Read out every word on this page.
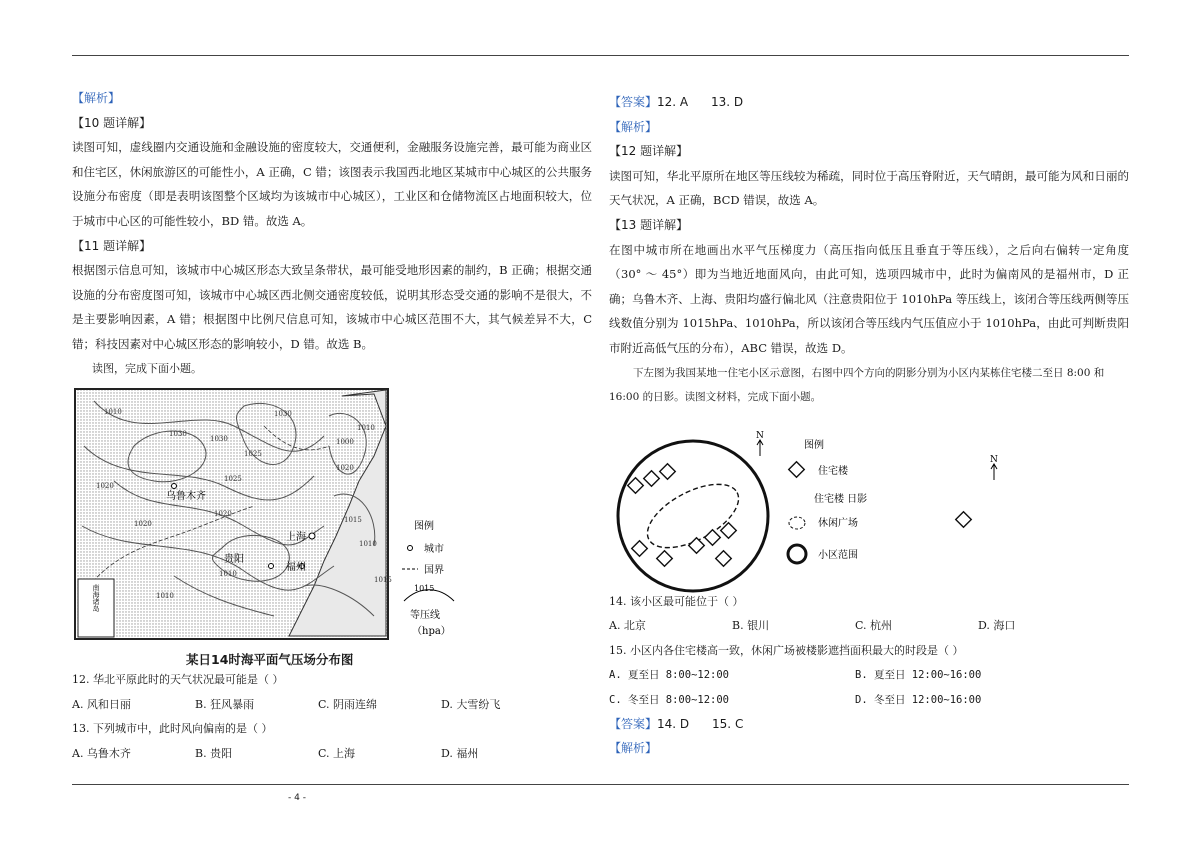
【解析】
【10 题详解】

读图可知，虚线圈内交通设施和金融设施的密度较大，交通便利，金融服务设施完善，最可能为商业区和住宅区，休闲旅游区的可能性小，A 正确，C 错；该图表示我国西北地区某城市中心城区的公共服务设施分布密度（即是表明该图整个区域均为该城市中心城区），工业区和仓储物流区占地面积较大，位于城市中心区的可能性较小，BD 错。故选 A。

【11 题详解】

根据图示信息可知，该城市中心城区形态大致呈条带状，最可能受地形因素的制约，B 正确；根据交通设施的分布密度图可知，该城市中心城区西北侧交通密度较低，说明其形态受交通的影响不是很大，不是主要影响因素，A 错；根据图中比例尺信息可知，该城市中心城区范围不大，其气候差异不大，C 错；科技因素对中心城区形态的影响较小，D 错。故选 B。

读图，完成下面小题。
南海诸岛
乌鲁木齐
贵阳
上海
福州
1010
1030
1020
1025
1020
1030
1010
1015
1010
1020
1015
1010
1020
1030
1025
1010
1000
图例
城市
国界
1015
等压线
（hpa）
某日14时海平面气压场分布图
12. 华北平原此时的天气状况最可能是（ ）
A. 风和日丽	B. 狂风暴雨	C. 阴雨连绵	D. 大雪纷飞
13. 下列城市中，此时风向偏南的是（ ）
A. 乌鲁木齐	B. 贵阳	C. 上海	D. 福州
【答案】12. A      13. D
【解析】
【12 题详解】

读图可知，华北平原所在地区等压线较为稀疏，同时位于高压脊附近，天气晴朗，最可能为风和日丽的天气状况，A 正确，BCD 错误，故选 A。

【13 题详解】

在图中城市所在地画出水平气压梯度力（高压指向低压且垂直于等压线），之后向右偏转一定角度（30° ～ 45°）即为当地近地面风向，由此可知，选项四城市中，此时为偏南风的是福州市，D 正确；乌鲁木齐、上海、贵阳均盛行偏北风（注意贵阳位于 1010hPa 等压线上，该闭合等压线两侧等压线数值分别为 1015hPa、1010hPa，所以该闭合等压线内气压值应小于 1010hPa，由此可判断贵阳市附近高低气压的分布），ABC 错误，故选 D。

下左图为我国某地一住宅小区示意图，右图中四个方向的阴影分别为小区内某栋住宅楼二至日 8:00 和
16:00 的日影。读图文材料，完成下面小题。
N
N
图例
住宅楼
住宅楼 日影
休闲广场
小区范围
14. 该小区最可能位于（ ）
A. 北京	B. 银川	C. 杭州	D. 海口
15. 小区内各住宅楼高一致，休闲广场被楼影遮挡面积最大的时段是（ ）
A. 夏至日 8:00~12:00	B. 夏至日 12:00~16:00
C. 冬至日 8:00~12:00	D. 冬至日 12:00~16:00
【答案】14. D      15. C
【解析】
- 4 -
